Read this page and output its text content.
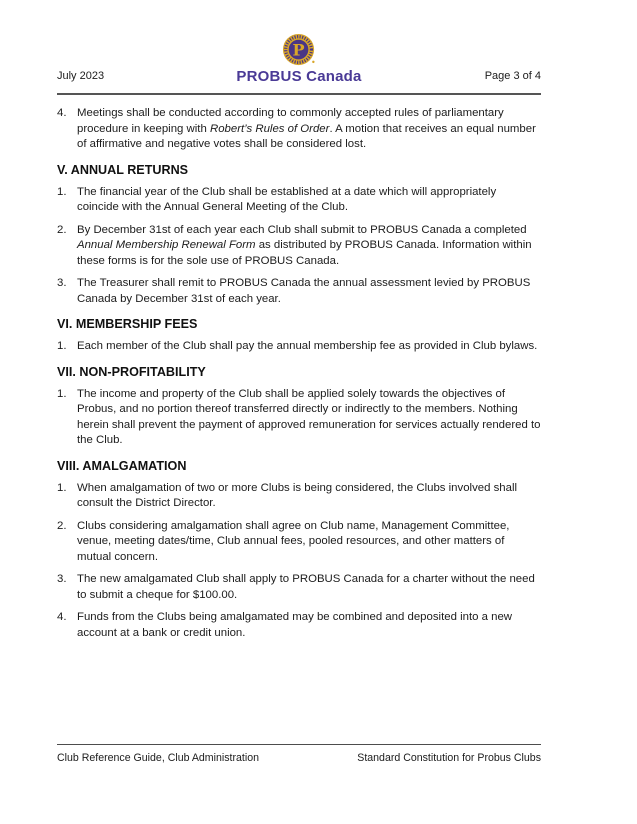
July 2023
P
PROBUS Canada	Page 3 of 4
4. Meetings shall be conducted according to commonly accepted rules of parliamentary procedure in keeping with Robert’s Rules of Order. A motion that receives an equal number of affirmative and negative votes shall be considered lost.
V. ANNUAL RETURNS
1. The financial year of the Club shall be established at a date which will appropriately coincide with the Annual General Meeting of the Club.
2. By December 31st of each year each Club shall submit to PROBUS Canada a completed Annual Membership Renewal Form as distributed by PROBUS Canada. Information within these forms is for the sole use of PROBUS Canada.
3. The Treasurer shall remit to PROBUS Canada the annual assessment levied by PROBUS Canada by December 31st of each year.
VI. MEMBERSHIP FEES
1. Each member of the Club shall pay the annual membership fee as provided in Club bylaws.
VII. NON-PROFITABILITY
1. The income and property of the Club shall be applied solely towards the objectives of Probus, and no portion thereof transferred directly or indirectly to the members. Nothing herein shall prevent the payment of approved remuneration for services actually rendered to the Club.
VIII. AMALGAMATION
1. When amalgamation of two or more Clubs is being considered, the Clubs involved shall consult the District Director.
2. Clubs considering amalgamation shall agree on Club name, Management Committee, venue, meeting dates/time, Club annual fees, pooled resources, and other matters of mutual concern.
3. The new amalgamated Club shall apply to PROBUS Canada for a charter without the need to submit a cheque for $100.00.
4. Funds from the Clubs being amalgamated may be combined and deposited into a new account at a bank or credit union.
Club Reference Guide, Club Administration	Standard Constitution for Probus Clubs
